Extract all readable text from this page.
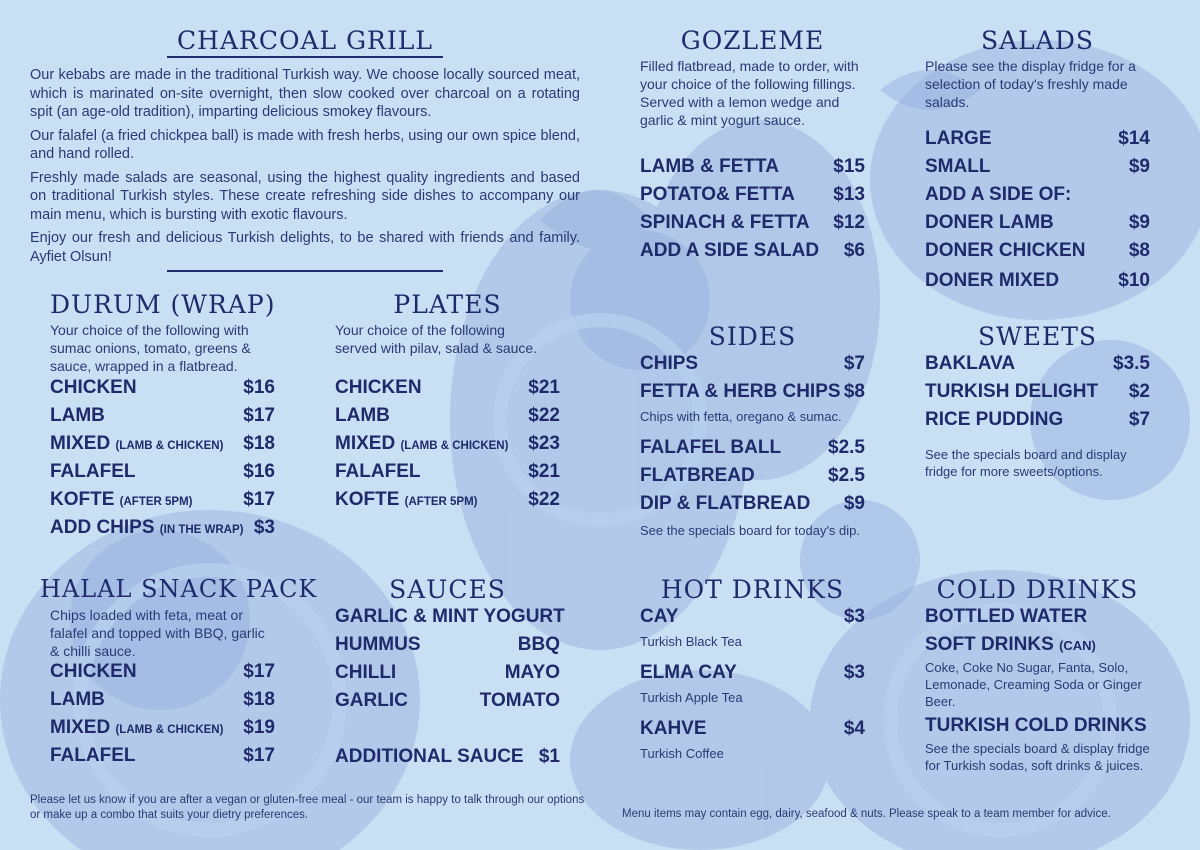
CHARCOAL GRILL

Our kebabs are made in the traditional Turkish way. We choose locally sourced meat, which is marinated on-site overnight, then slow cooked over charcoal on a rotating spit (an age-old tradition), imparting delicious smokey flavours.

Our falafel (a fried chickpea ball) is made with fresh herbs, using our own spice blend, and hand rolled.

Freshly made salads are seasonal, using the highest quality ingredients and based on traditional Turkish styles. These create refreshing side dishes to accompany our main menu, which is bursting with exotic flavours.

Enjoy our fresh and delicious Turkish delights, to be shared with friends and family. Ayfiet Olsun!

DURUM (WRAP)
Your choice of the following with sumac onions, tomato, greens & sauce, wrapped in a flatbread.
CHICKEN	$16
LAMB	$17
MIXED (LAMB & CHICKEN) $18
FALAFEL	$16
KOFTE (AFTER 5PM)	$17
ADD CHIPS (IN THE WRAP) $3
PLATES
Your choice of the following served with pilav, salad & sauce.
CHICKEN	$21
LAMB	$22
MIXED (LAMB & CHICKEN) $23
FALAFEL	$21
KOFTE (AFTER 5PM)	$22
HALAL SNACK PACK
Chips loaded with feta, meat or falafel and topped with BBQ, garlic & chilli sauce.
CHICKEN	$17
LAMB	$18
MIXED (LAMB & CHICKEN) $19
FALAFEL	$17
SAUCES
GARLIC & MINT YOGURT
HUMMUS	BBQ
CHILLI	MAYO
GARLIC	TOMATO
ADDITIONAL SAUCE $1
Please let us know if you are after a vegan or gluten-free meal - our team is happy to talk through our options or make up a combo that suits your dietry preferences.
GOZLEME
Filled flatbread, made to order, with your choice of the following fillings. Served with a lemon wedge and garlic & mint yogurt sauce.
LAMB & FETTA	$15
POTATO& FETTA $13
SPINACH & FETTA $12
ADD A SIDE SALAD $6
SALADS
Please see the display fridge for a selection of today's freshly made salads.
LARGE	$14
SMALL	$9
ADD A SIDE OF:
DONER LAMB	$9
DONER CHICKEN $8
DONER MIXED	$10
SIDES
CHIPS	$7
FETTA & HERB CHIPS $8
Chips with fetta, oregano & sumac.
FALAFEL BALL $2.5
FLATBREAD	$2.5
DIP & FLATBREAD $9
See the specials board for today's dip.
SWEETS
BAKLAVA	$3.5
TURKISH DELIGHT $2
RICE PUDDING	$7
See the specials board and display fridge for more sweets/options.
HOT DRINKS
CAY	$3
Turkish Black Tea
ELMA CAY	$3
Turkish Apple Tea
KAHVE	$4
Turkish Coffee
COLD DRINKS
BOTTLED WATER
SOFT DRINKS (CAN)
Coke, Coke No Sugar, Fanta, Solo, Lemonade, Creaming Soda or Ginger Beer.
TURKISH COLD DRINKS
See the specials board & display fridge for Turkish sodas, soft drinks & juices.
Menu items may contain egg, dairy, seafood & nuts. Please speak to a team member for advice.
